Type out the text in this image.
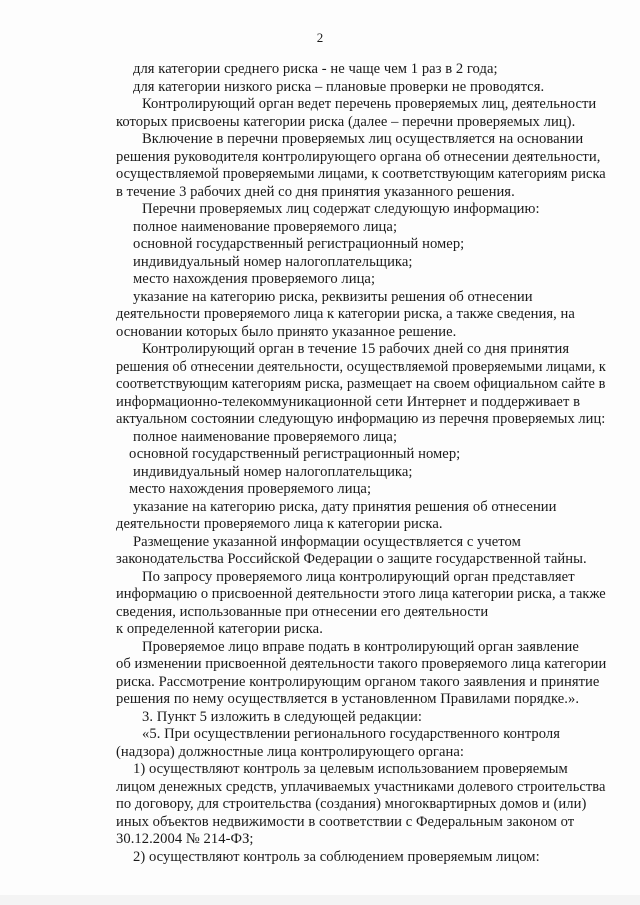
2
для категории среднего риска - не чаще чем 1 раз в 2 года;
для категории низкого риска – плановые проверки не проводятся.
Контролирующий орган ведет перечень проверяемых лиц, деятельности
которых присвоены категории риска (далее – перечни проверяемых лиц).
Включение в перечни проверяемых лиц осуществляется на основании
решения руководителя контролирующего органа об отнесении деятельности,
осуществляемой проверяемыми лицами, к соответствующим категориям риска
в течение 3 рабочих дней со дня принятия указанного решения.
Перечни проверяемых лиц содержат следующую информацию:
полное наименование проверяемого лица;
основной государственный регистрационный номер;
индивидуальный номер налогоплательщика;
место нахождения проверяемого лица;
указание на категорию риска, реквизиты решения об отнесении
деятельности проверяемого лица к категории риска, а также сведения, на
основании которых было принято указанное решение.
Контролирующий орган в течение 15 рабочих дней со дня принятия
решения об отнесении деятельности, осуществляемой проверяемыми лицами, к
соответствующим категориям риска, размещает на своем официальном сайте в
информационно-телекоммуникационной сети Интернет и поддерживает в
актуальном состоянии следующую информацию из перечня проверяемых лиц:
полное наименование проверяемого лица;
основной государственный регистрационный номер;
индивидуальный номер налогоплательщика;
место нахождения проверяемого лица;
указание на категорию риска, дату принятия решения об отнесении
деятельности проверяемого лица к категории риска.
Размещение указанной информации осуществляется с учетом
законодательства Российской Федерации о защите государственной тайны.
По запросу проверяемого лица контролирующий орган представляет
информацию о присвоенной деятельности этого лица категории риска, а также
сведения, использованные при отнесении его деятельности
к определенной категории риска.
Проверяемое лицо вправе подать в контролирующий орган заявление
об изменении присвоенной деятельности такого проверяемого лица категории
риска. Рассмотрение контролирующим органом такого заявления и принятие
решения по нему осуществляется в установленном Правилами порядке.».
3. Пункт 5 изложить в следующей редакции:
«5. При осуществлении регионального государственного контроля
(надзора) должностные лица контролирующего органа:
1) осуществляют контроль за целевым использованием проверяемым
лицом денежных средств, уплачиваемых участниками долевого строительства
по договору, для строительства (создания) многоквартирных домов и (или)
иных объектов недвижимости в соответствии с Федеральным законом от
30.12.2004 № 214-ФЗ;
2) осуществляют контроль за соблюдением проверяемым лицом:
